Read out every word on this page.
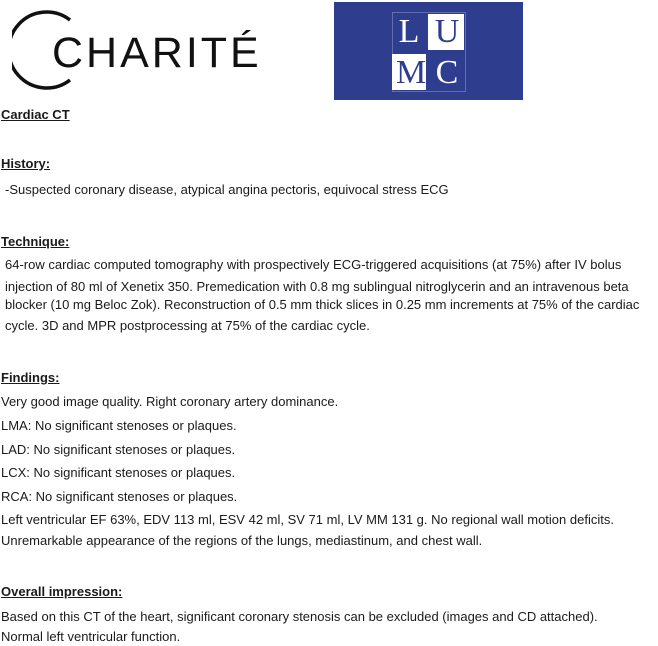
CHARITÉ	L U
M C
Cardiac CT
History:
-Suspected coronary disease, atypical angina pectoris, equivocal stress ECG
Technique:
64-row cardiac computed tomography with prospectively ECG-triggered acquisitions (at 75%) after IV bolus
injection of 80 ml of Xenetix 350. Premedication with 0.8 mg sublingual nitroglycerin and an intravenous beta
blocker (10 mg Beloc Zok). Reconstruction of 0.5 mm thick slices in 0.25 mm increments at 75% of the cardiac
cycle. 3D and MPR postprocessing at 75% of the cardiac cycle.
Findings:
Very good image quality. Right coronary artery dominance.
LMA: No significant stenoses or plaques.
LAD: No significant stenoses or plaques.
LCX: No significant stenoses or plaques.
RCA: No significant stenoses or plaques.
Left ventricular EF 63%, EDV 113 ml, ESV 42 ml, SV 71 ml, LV MM 131 g. No regional wall motion deficits.
Unremarkable appearance of the regions of the lungs, mediastinum, and chest wall.
Overall impression:
Based on this CT of the heart, significant coronary stenosis can be excluded (images and CD attached).
Normal left ventricular function.
